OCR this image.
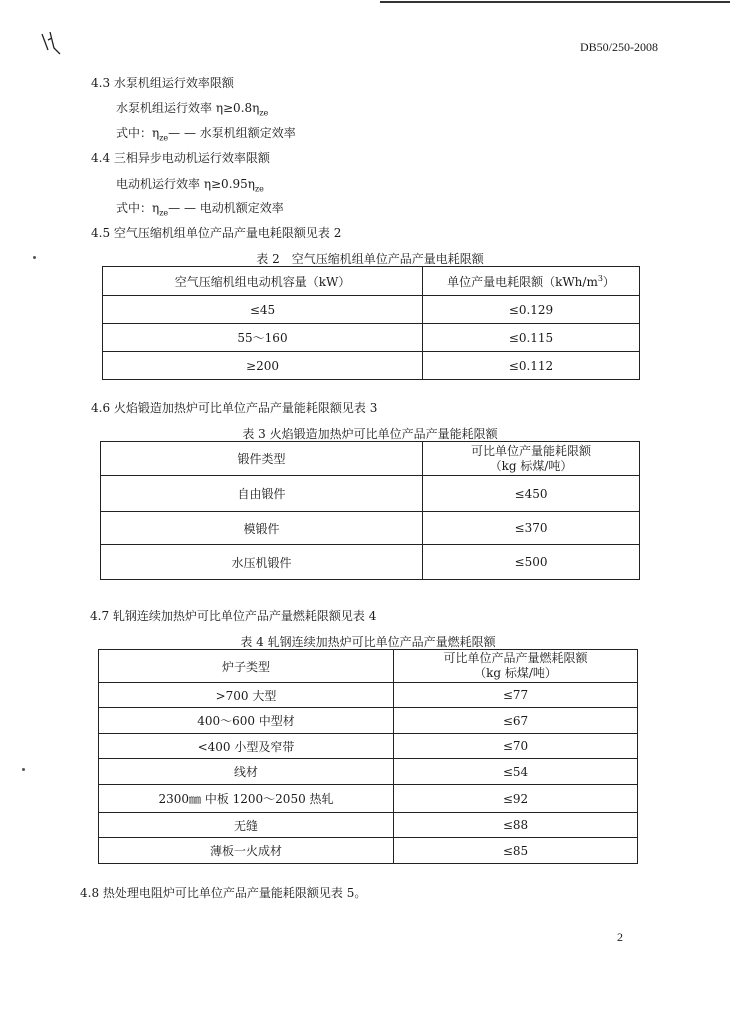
DB50/250-2008
4.3 水泵机组运行效率限额
水泵机组运行效率 $\eta\ge 0.8\eta_{ze}$
式中：$\eta_{ze}—$ — 水泵机组额定效率
4.4 三相异步电动机运行效率限额
电动机运行效率 $\eta\ge 0.95\eta_{ze}$
式中：$\eta_{ze}—$ — 电动机额定效率
4.5 空气压缩机组单位产品产量电耗限额见表 2
表 2　空气压缩机组单位产品产量电耗限额
空气压缩机组电动机容量（kW）	单位产量电耗限额$(kWh/m^3)$
≤45	≤0.129
55～160	≤0.115
≥200	≤0.112
4.6 火焰锻造加热炉可比单位产品产量能耗限额见表 3
表 3 火焰锻造加热炉可比单位产品产量能耗限额
锻件类型	可比单位产量能耗限额
（kg 标煤/吨）
自由锻件	≤450
模锻件	≤370
水压机锻件	≤500
4.7 轧钢连续加热炉可比单位产品产量燃耗限额见表 4
表 4 轧钢连续加热炉可比单位产品产量燃耗限额
炉子类型	可比单位产品产量燃耗限额
（kg 标煤/吨）
>700 大型	≤77
400～600 中型材	≤67
<400 小型及窄带	≤70
线材	≤54
2300㎜ 中板 1200～2050 热轧	≤92
无缝	≤88
薄板一火成材	≤85
4.8 热处理电阻炉可比单位产品产量能耗限额见表 5。
2
